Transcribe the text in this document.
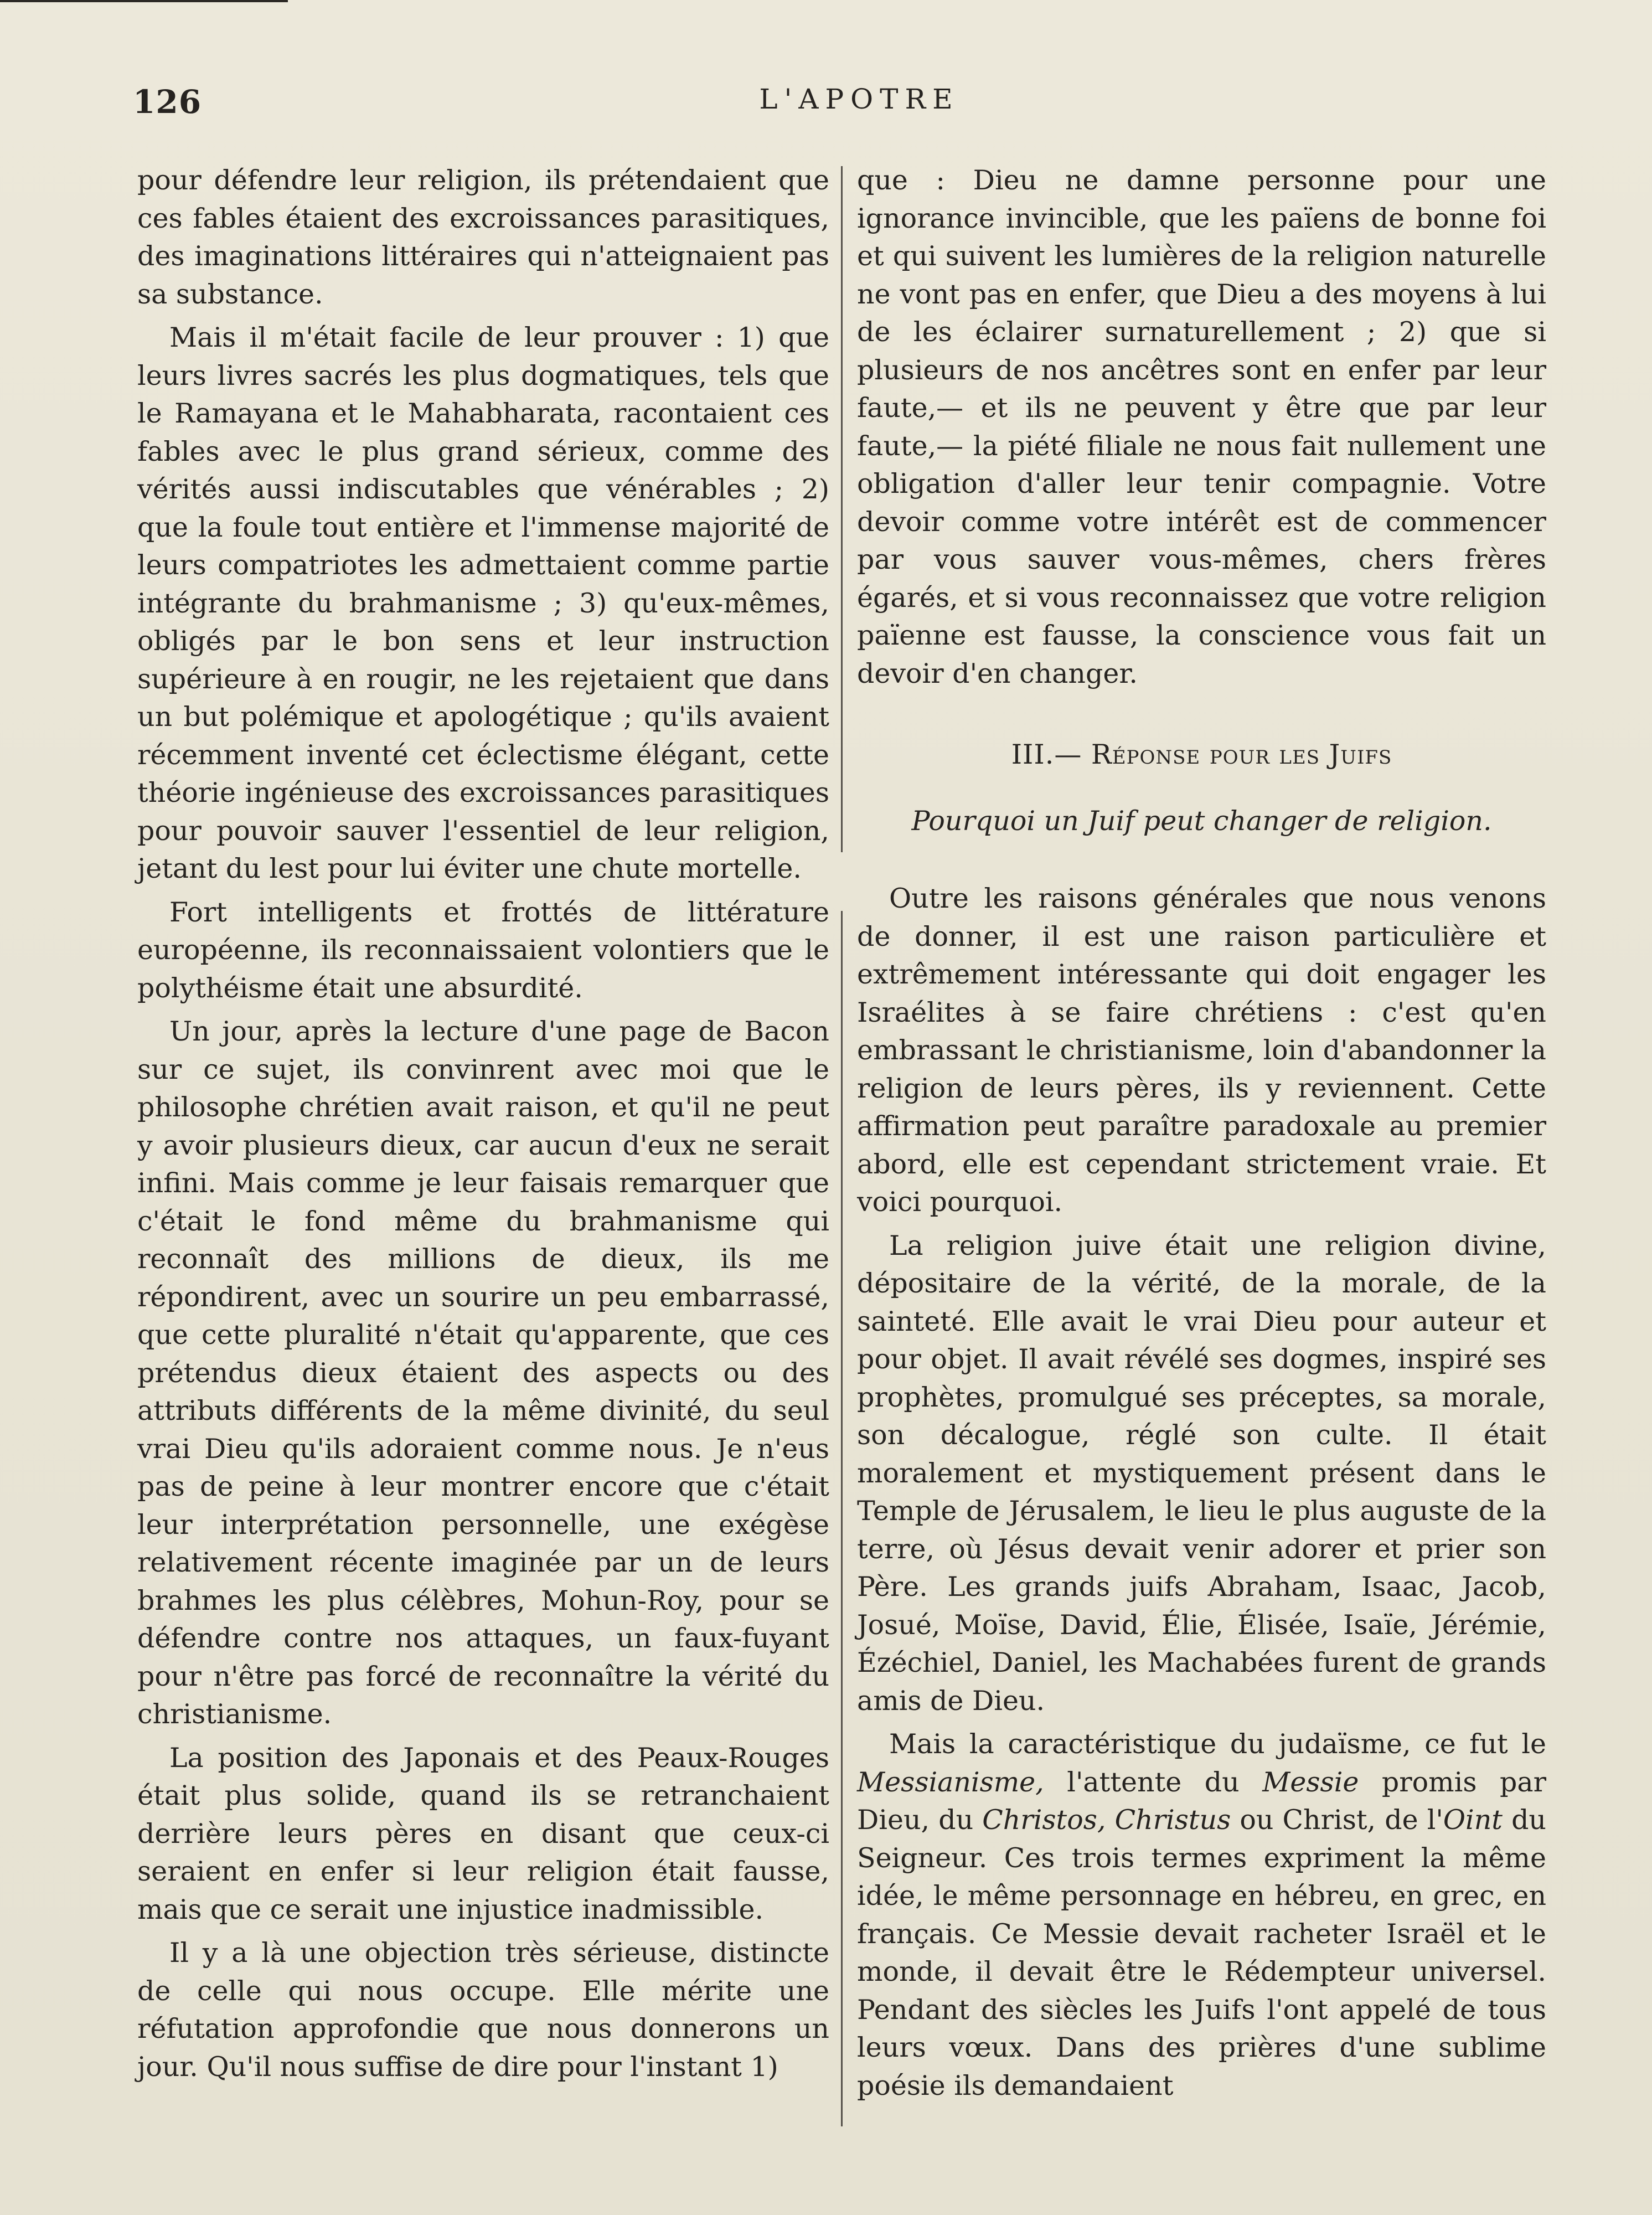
126	L'APOTRE

pour défendre leur religion, ils prétendaient que ces fables étaient des excroissances parasitiques, des imaginations littéraires qui n'atteignaient pas sa substance.

Mais il m'était facile de leur prouver : 1) que leurs livres sacrés les plus dogmatiques, tels que le Ramayana et le Mahabharata, racontaient ces fables avec le plus grand sérieux, comme des vérités aussi indiscutables que vénérables ; 2) que la foule tout entière et l'immense majorité de leurs compatriotes les admettaient comme partie intégrante du brahmanisme ; 3) qu'eux-mêmes, obligés par le bon sens et leur instruction supérieure à en rougir, ne les rejetaient que dans un but polémique et apologétique ; qu'ils avaient récemment inventé cet éclectisme élégant, cette théorie ingénieuse des excroissances parasitiques pour pouvoir sauver l'essentiel de leur religion, jetant du lest pour lui éviter une chute mortelle.

Fort intelligents et frottés de littérature européenne, ils reconnaissaient volontiers que le polythéisme était une absurdité.

Un jour, après la lecture d'une page de Bacon sur ce sujet, ils convinrent avec moi que le philosophe chrétien avait raison, et qu'il ne peut y avoir plusieurs dieux, car aucun d'eux ne serait infini. Mais comme je leur faisais remarquer que c'était le fond même du brahmanisme qui reconnaît des millions de dieux, ils me répondirent, avec un sourire un peu embarrassé, que cette pluralité n'était qu'apparente, que ces prétendus dieux étaient des aspects ou des attributs différents de la même divinité, du seul vrai Dieu qu'ils adoraient comme nous. Je n'eus pas de peine à leur montrer encore que c'était leur interprétation personnelle, une exégèse relativement récente imaginée par un de leurs brahmes les plus célèbres, Mohun-Roy, pour se défendre contre nos attaques, un faux-fuyant pour n'être pas forcé de reconnaître la vérité du christianisme.

La position des Japonais et des Peaux-Rouges était plus solide, quand ils se retranchaient derrière leurs pères en disant que ceux-ci seraient en enfer si leur religion était fausse, mais que ce serait une injustice inadmissible.

Il y a là une objection très sérieuse, distincte de celle qui nous occupe. Elle mérite une réfutation approfondie que nous donnerons un jour. Qu'il nous suffise de dire pour l'instant 1)

que : Dieu ne damne personne pour une ignorance invincible, que les païens de bonne foi et qui suivent les lumières de la religion naturelle ne vont pas en enfer, que Dieu a des moyens à lui de les éclairer surnaturellement ; 2) que si plusieurs de nos ancêtres sont en enfer par leur faute,— et ils ne peuvent y être que par leur faute,— la piété filiale ne nous fait nullement une obligation d'aller leur tenir compagnie. Votre devoir comme votre intérêt est de commencer par vous sauver vous-mêmes, chers frères égarés, et si vous reconnaissez que votre religion païenne est fausse, la conscience vous fait un devoir d'en changer.

III.— Réponse pour les Juifs
Pourquoi un Juif peut changer de religion.

Outre les raisons générales que nous venons de donner, il est une raison particulière et extrêmement intéressante qui doit engager les Israélites à se faire chrétiens : c'est qu'en embrassant le christianisme, loin d'abandonner la religion de leurs pères, ils y reviennent. Cette affirmation peut paraître paradoxale au premier abord, elle est cependant strictement vraie. Et voici pourquoi.

La religion juive était une religion divine, dépositaire de la vérité, de la morale, de la sainteté. Elle avait le vrai Dieu pour auteur et pour objet. Il avait révélé ses dogmes, inspiré ses prophètes, promulgué ses préceptes, sa morale, son décalogue, réglé son culte. Il était moralement et mystiquement présent dans le Temple de Jérusalem, le lieu le plus auguste de la terre, où Jésus devait venir adorer et prier son Père. Les grands juifs Abraham, Isaac, Jacob, Josué, Moïse, David, Élie, Élisée, Isaïe, Jérémie, Ézéchiel, Daniel, les Machabées furent de grands amis de Dieu.

Mais la caractéristique du judaïsme, ce fut le Messianisme, l'attente du Messie promis par Dieu, du Christos, Christus ou Christ, de l'Oint du Seigneur. Ces trois termes expriment la même idée, le même personnage en hébreu, en grec, en français. Ce Messie devait racheter Israël et le monde, il devait être le Rédempteur universel. Pendant des siècles les Juifs l'ont appelé de tous leurs vœux. Dans des prières d'une sublime poésie ils demandaient
